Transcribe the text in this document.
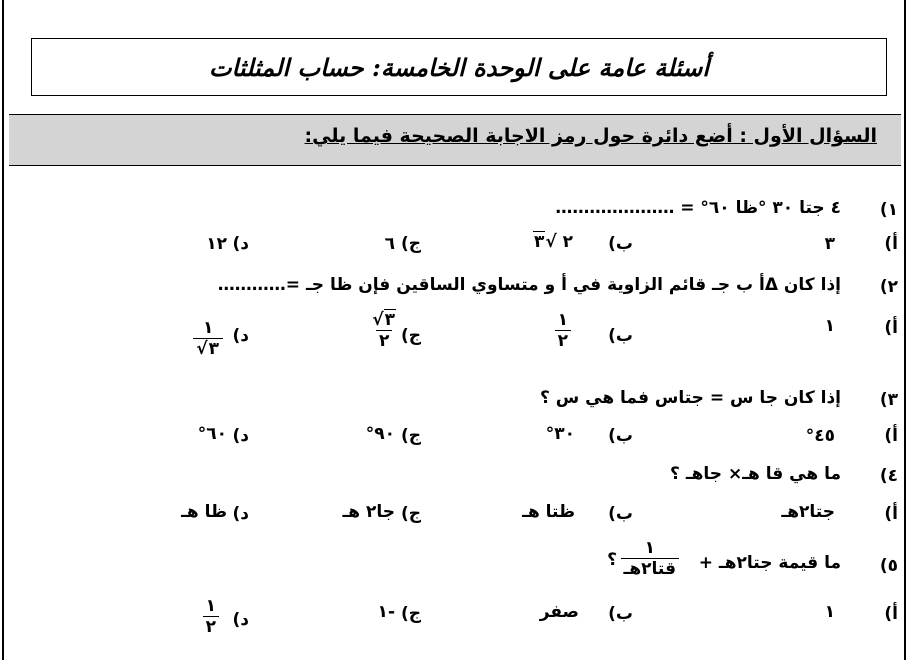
أسئلة عامة على الوحدة الخامسة: حساب المثلثات
السؤال الأول : أضع دائرة حول رمز الاجابة الصحيحة فيما يلي:
١)
٤ جتا ٣٠ °ظا ٦٠° = …………………
أ)
٣
ب)
٢ √٣
ج)
٦
د)
١٢
٢)
إذا كان Δأ ب جـ قائم الزاوية في أ و متساوي الساقين فإن ظا جـ =…………
أ)
١
ب)
١
٢
ج)
√٣
٢
د)
١
√٣
٣)
إذا كان جا س = جتاس فما هي س ؟
أ)
٤٥°
ب)
٣٠°
ج)
٩٠°
د)
٦٠°
٤)
ما هي قا هـ× جاهـ ؟
أ)
جتا٢هـ
ب)
ظتا هـ
ج)
جا٢ هـ
د)
ظا هـ
٥)
ما قيمة جتا٢هـ +
١
قتا٢هـ
؟
أ)
١
ب)
صفر
ج)
-١
د)
١
٢
